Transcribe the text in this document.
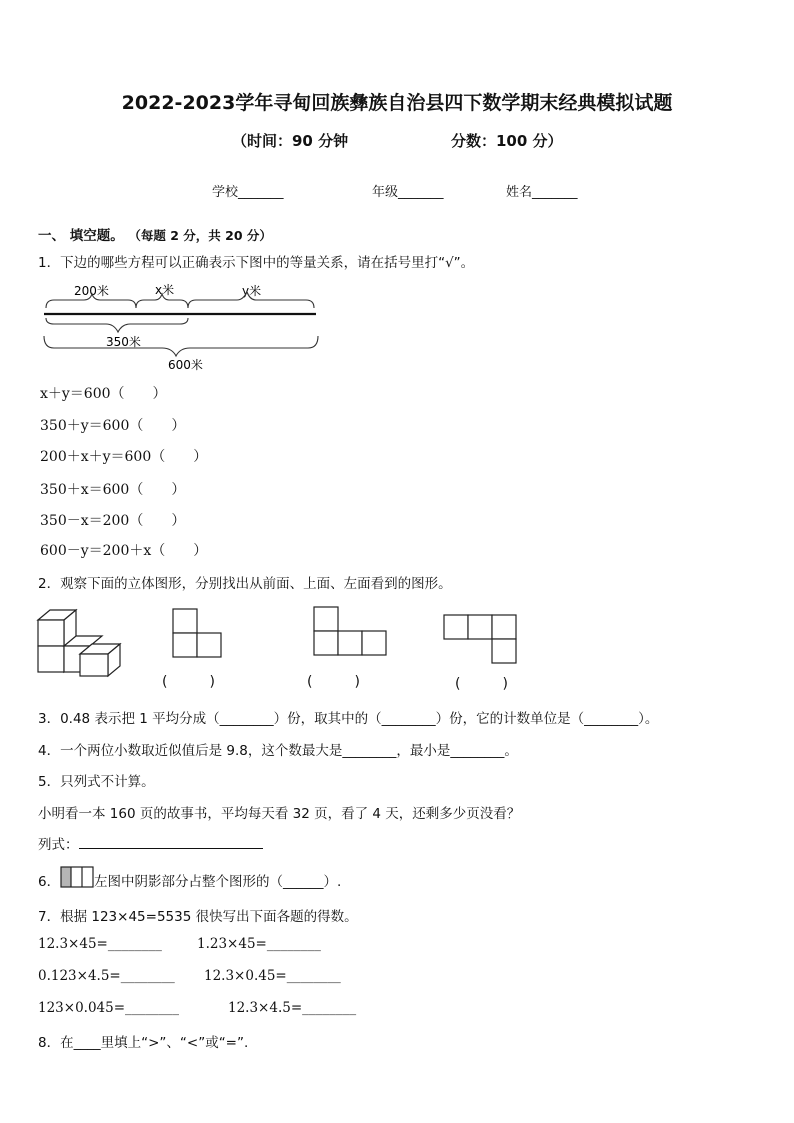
2022-2023学年寻甸回族彝族自治县四下数学期末经典模拟试题
（时间：90 分钟	分数：100 分）
学校_______	年级_______	姓名_______
一、 填空题。 （每题 2 分，共 20 分）
1．下边的哪些方程可以正确表示下图中的等量关系，请在括号里打“√”。
200米	x米	y米
350米
600米
x＋y＝600（　　）
350＋y＝600（　　）
200＋x＋y＝600（　　）
350＋x＝600（　　）
350－x＝200（　　）
600－y＝200＋x（　　）
2．观察下面的立体图形，分别找出从前面、上面、左面看到的图形。
(　　　)	(　　　)	(　　　)
3．0.48 表示把 1 平均分成（________）份，取其中的（________）份，它的计数单位是（________）。
4．一个两位小数取近似值后是 9.8，这个数最大是________，最小是________。
5．只列式不计算。
小明看一本 160 页的故事书，平均每天看 32 页，看了 4 天，还剩多少页没看？
列式：
6．	左图中阴影部分占整个图形的（______）.
7．根据 123×45=5535 很快写出下面各题的得数。
12.3×45=________	1.23×45=________
0.123×4.5=________ 12.3×0.45=________
123×0.045=________	12.3×4.5=________
8．在____里填上“>”、“<”或“=”.
